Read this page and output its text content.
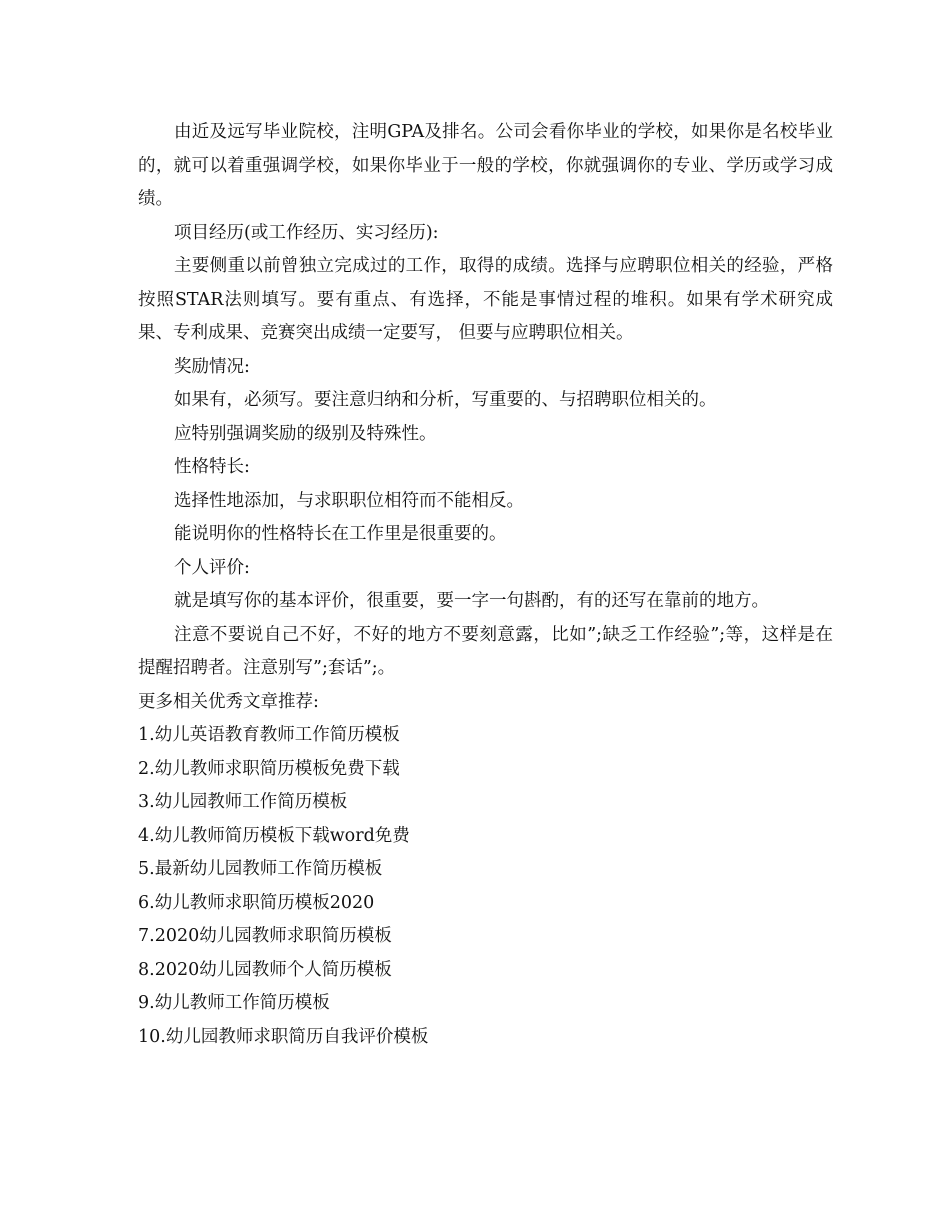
由近及远写毕业院校，注明GPA及排名。公司会看你毕业的学校，如果你是名校毕业的，就可以着重强调学校，如果你毕业于一般的学校，你就强调你的专业、学历或学习成绩。

项目经历(或工作经历、实习经历):

主要侧重以前曾独立完成过的工作，取得的成绩。选择与应聘职位相关的经验，严格按照STAR法则填写。要有重点、有选择，不能是事情过程的堆积。如果有学术研究成果、专利成果、竞赛突出成绩一定要写， 但要与应聘职位相关。

奖励情况:

如果有，必须写。要注意归纳和分析，写重要的、与招聘职位相关的。

应特别强调奖励的级别及特殊性。

性格特长:

选择性地添加，与求职职位相符而不能相反。

能说明你的性格特长在工作里是很重要的。

个人评价:

就是填写你的基本评价，很重要，要一字一句斟酌，有的还写在靠前的地方。

注意不要说自己不好，不好的地方不要刻意露，比如”;缺乏工作经验”;等，这样是在提醒招聘者。注意别写”;套话”;。

更多相关优秀文章推荐:

1.幼儿英语教育教师工作简历模板
2.幼儿教师求职简历模板免费下载
3.幼儿园教师工作简历模板
4.幼儿教师简历模板下载word免费
5.最新幼儿园教师工作简历模板
6.幼儿教师求职简历模板2020
7.2020幼儿园教师求职简历模板
8.2020幼儿园教师个人简历模板
9.幼儿教师工作简历模板
10.幼儿园教师求职简历自我评价模板
